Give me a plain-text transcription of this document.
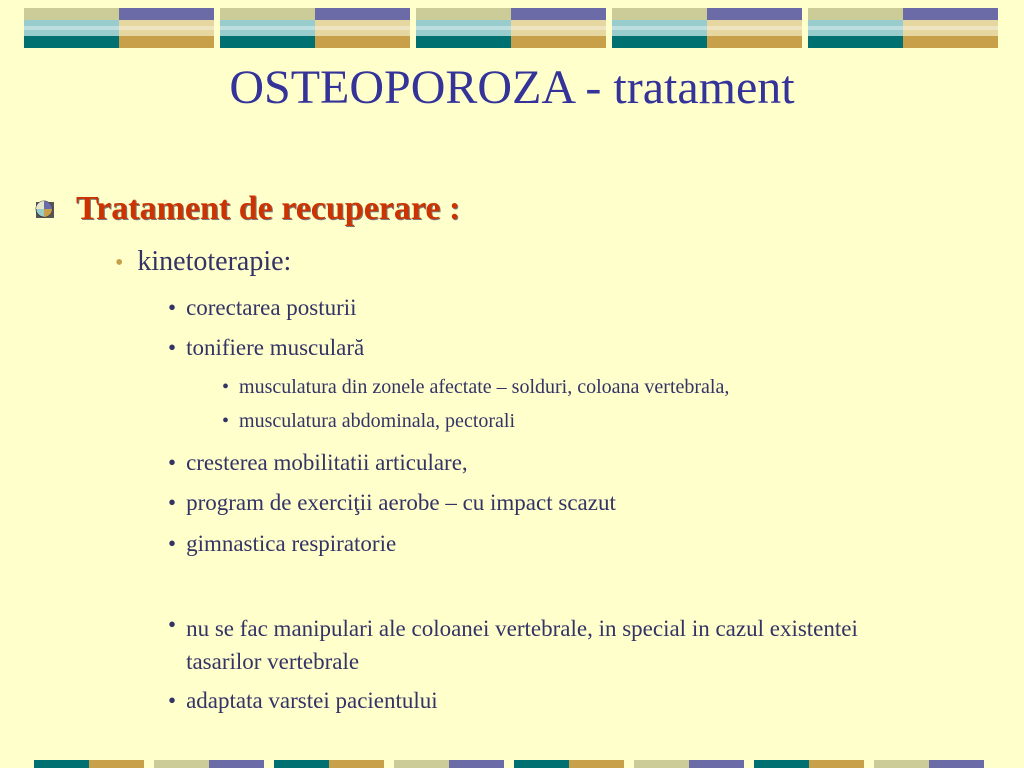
OSTEOPOROZA - tratament
Tratament de recuperare :
• kinetoterapie:
• corectarea posturii
• tonifiere musculară
• musculatura din zonele afectate – solduri, coloana vertebrala,
• musculatura abdominala, pectorali
• cresterea mobilitatii articulare,
• program de exerciţii aerobe – cu impact scazut
• gimnastica respiratorie
• nu se fac manipulari ale coloanei vertebrale, in special in cazul existentei tasarilor vertebrale
• adaptata varstei pacientului
